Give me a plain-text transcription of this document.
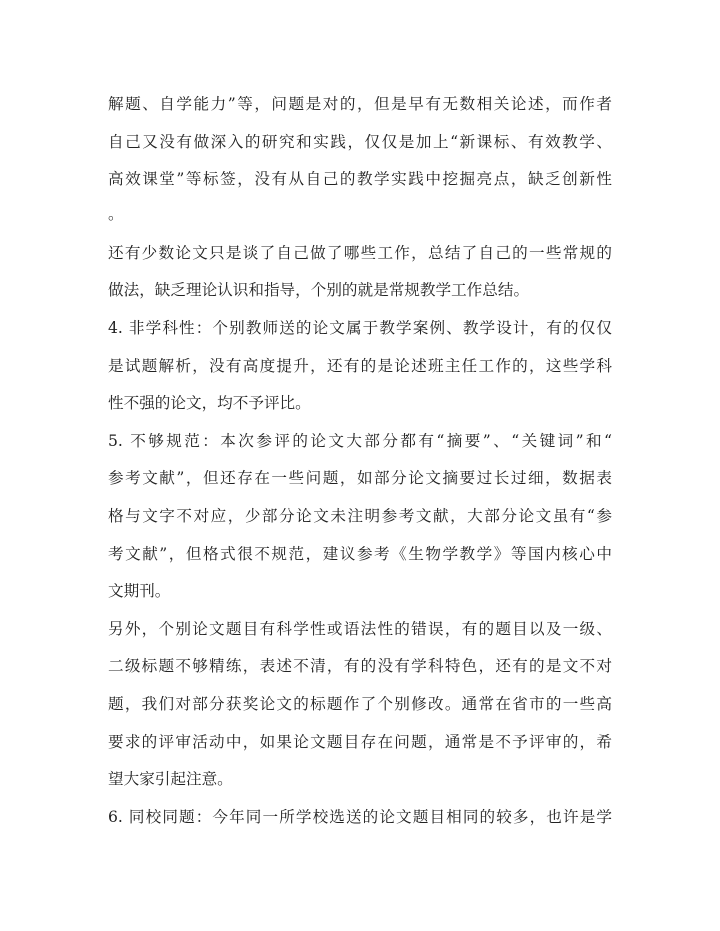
解题、自学能力”等，问题是对的，但是早有无数相关论述，而作者
自己又没有做深入的研究和实践，仅仅是加上“新课标、有效教学、
高效课堂”等标签，没有从自己的教学实践中挖掘亮点，缺乏创新性
。
还有少数论文只是谈了自己做了哪些工作，总结了自己的一些常规的
做法，缺乏理论认识和指导，个别的就是常规教学工作总结。
4. 非学科性：个别教师送的论文属于教学案例、教学设计，有的仅仅
是试题解析，没有高度提升，还有的是论述班主任工作的，这些学科
性不强的论文，均不予评比。
5. 不够规范：本次参评的论文大部分都有“摘要”、“关键词”和“
参考文献”，但还存在一些问题，如部分论文摘要过长过细，数据表
格与文字不对应，少部分论文未注明参考文献，大部分论文虽有“参
考文献”，但格式很不规范，建议参考《生物学教学》等国内核心中
文期刊。
另外，个别论文题目有科学性或语法性的错误，有的题目以及一级、
二级标题不够精练，表述不清，有的没有学科特色，还有的是文不对
题，我们对部分获奖论文的标题作了个别修改。通常在省市的一些高
要求的评审活动中，如果论文题目存在问题，通常是不予评审的，希
望大家引起注意。
6. 同校同题：今年同一所学校选送的论文题目相同的较多，也许是学
